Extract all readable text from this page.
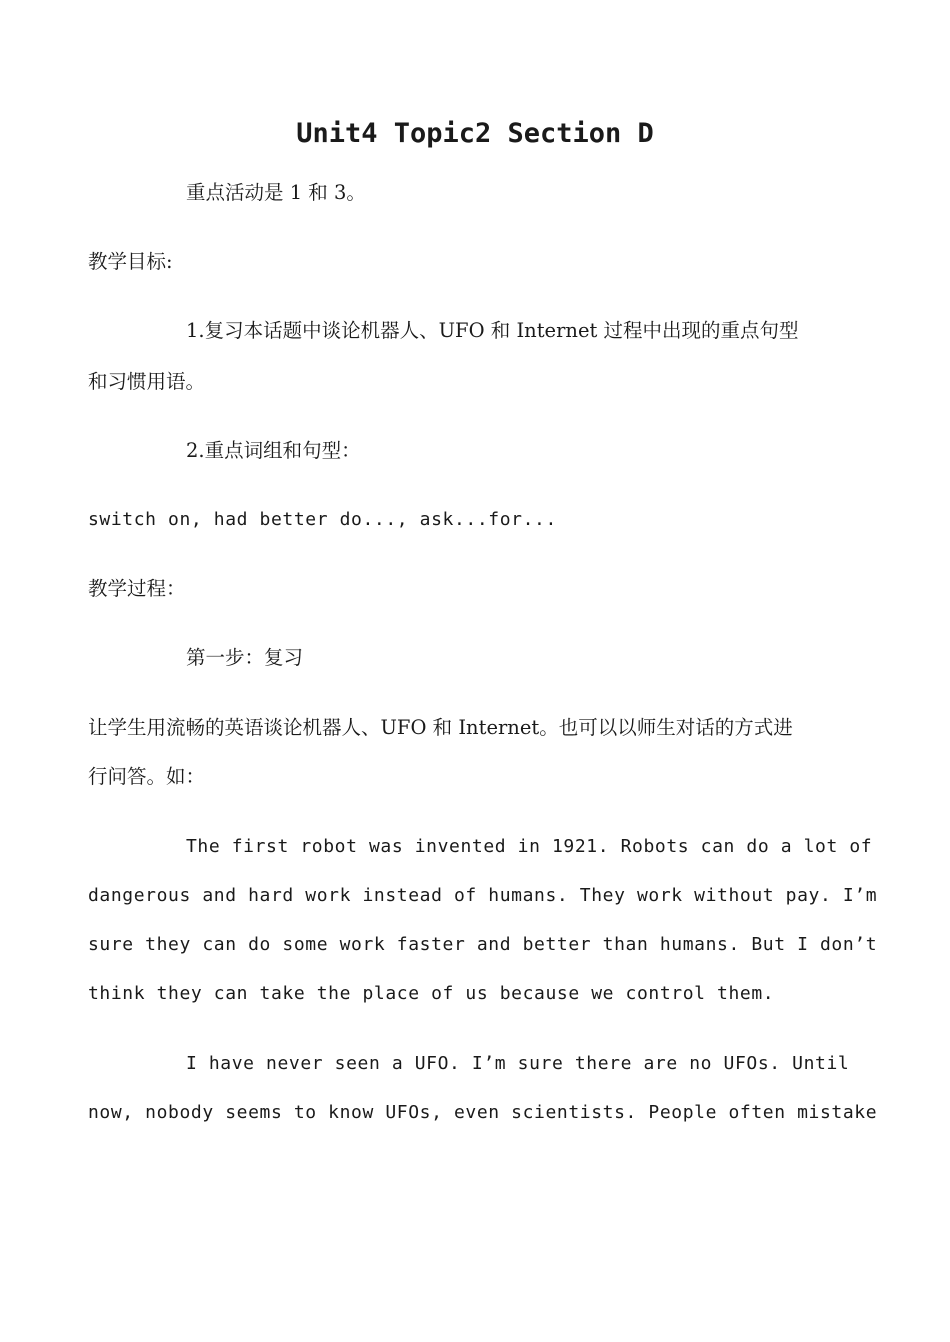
Unit4 Topic2 Section D
重点活动是 1 和 3。
教学目标:
1.复习本话题中谈论机器人、UFO 和 Internet 过程中出现的重点句型
和习惯用语。
2.重点词组和句型：
switch on, had better do..., ask...for...
教学过程：
第一步：复习
让学生用流畅的英语谈论机器人、UFO 和 Internet。也可以以师生对话的方式进
行问答。如：
The first robot was invented in 1921. Robots can do a lot of
dangerous and hard work instead of humans. They work without pay. I’m
sure they can do some work faster and better than humans. But I don’t
think they can take the place of us because we control them.
I have never seen a UFO. I’m sure there are no UFOs. Until
now, nobody seems to know UFOs, even scientists. People often mistake
